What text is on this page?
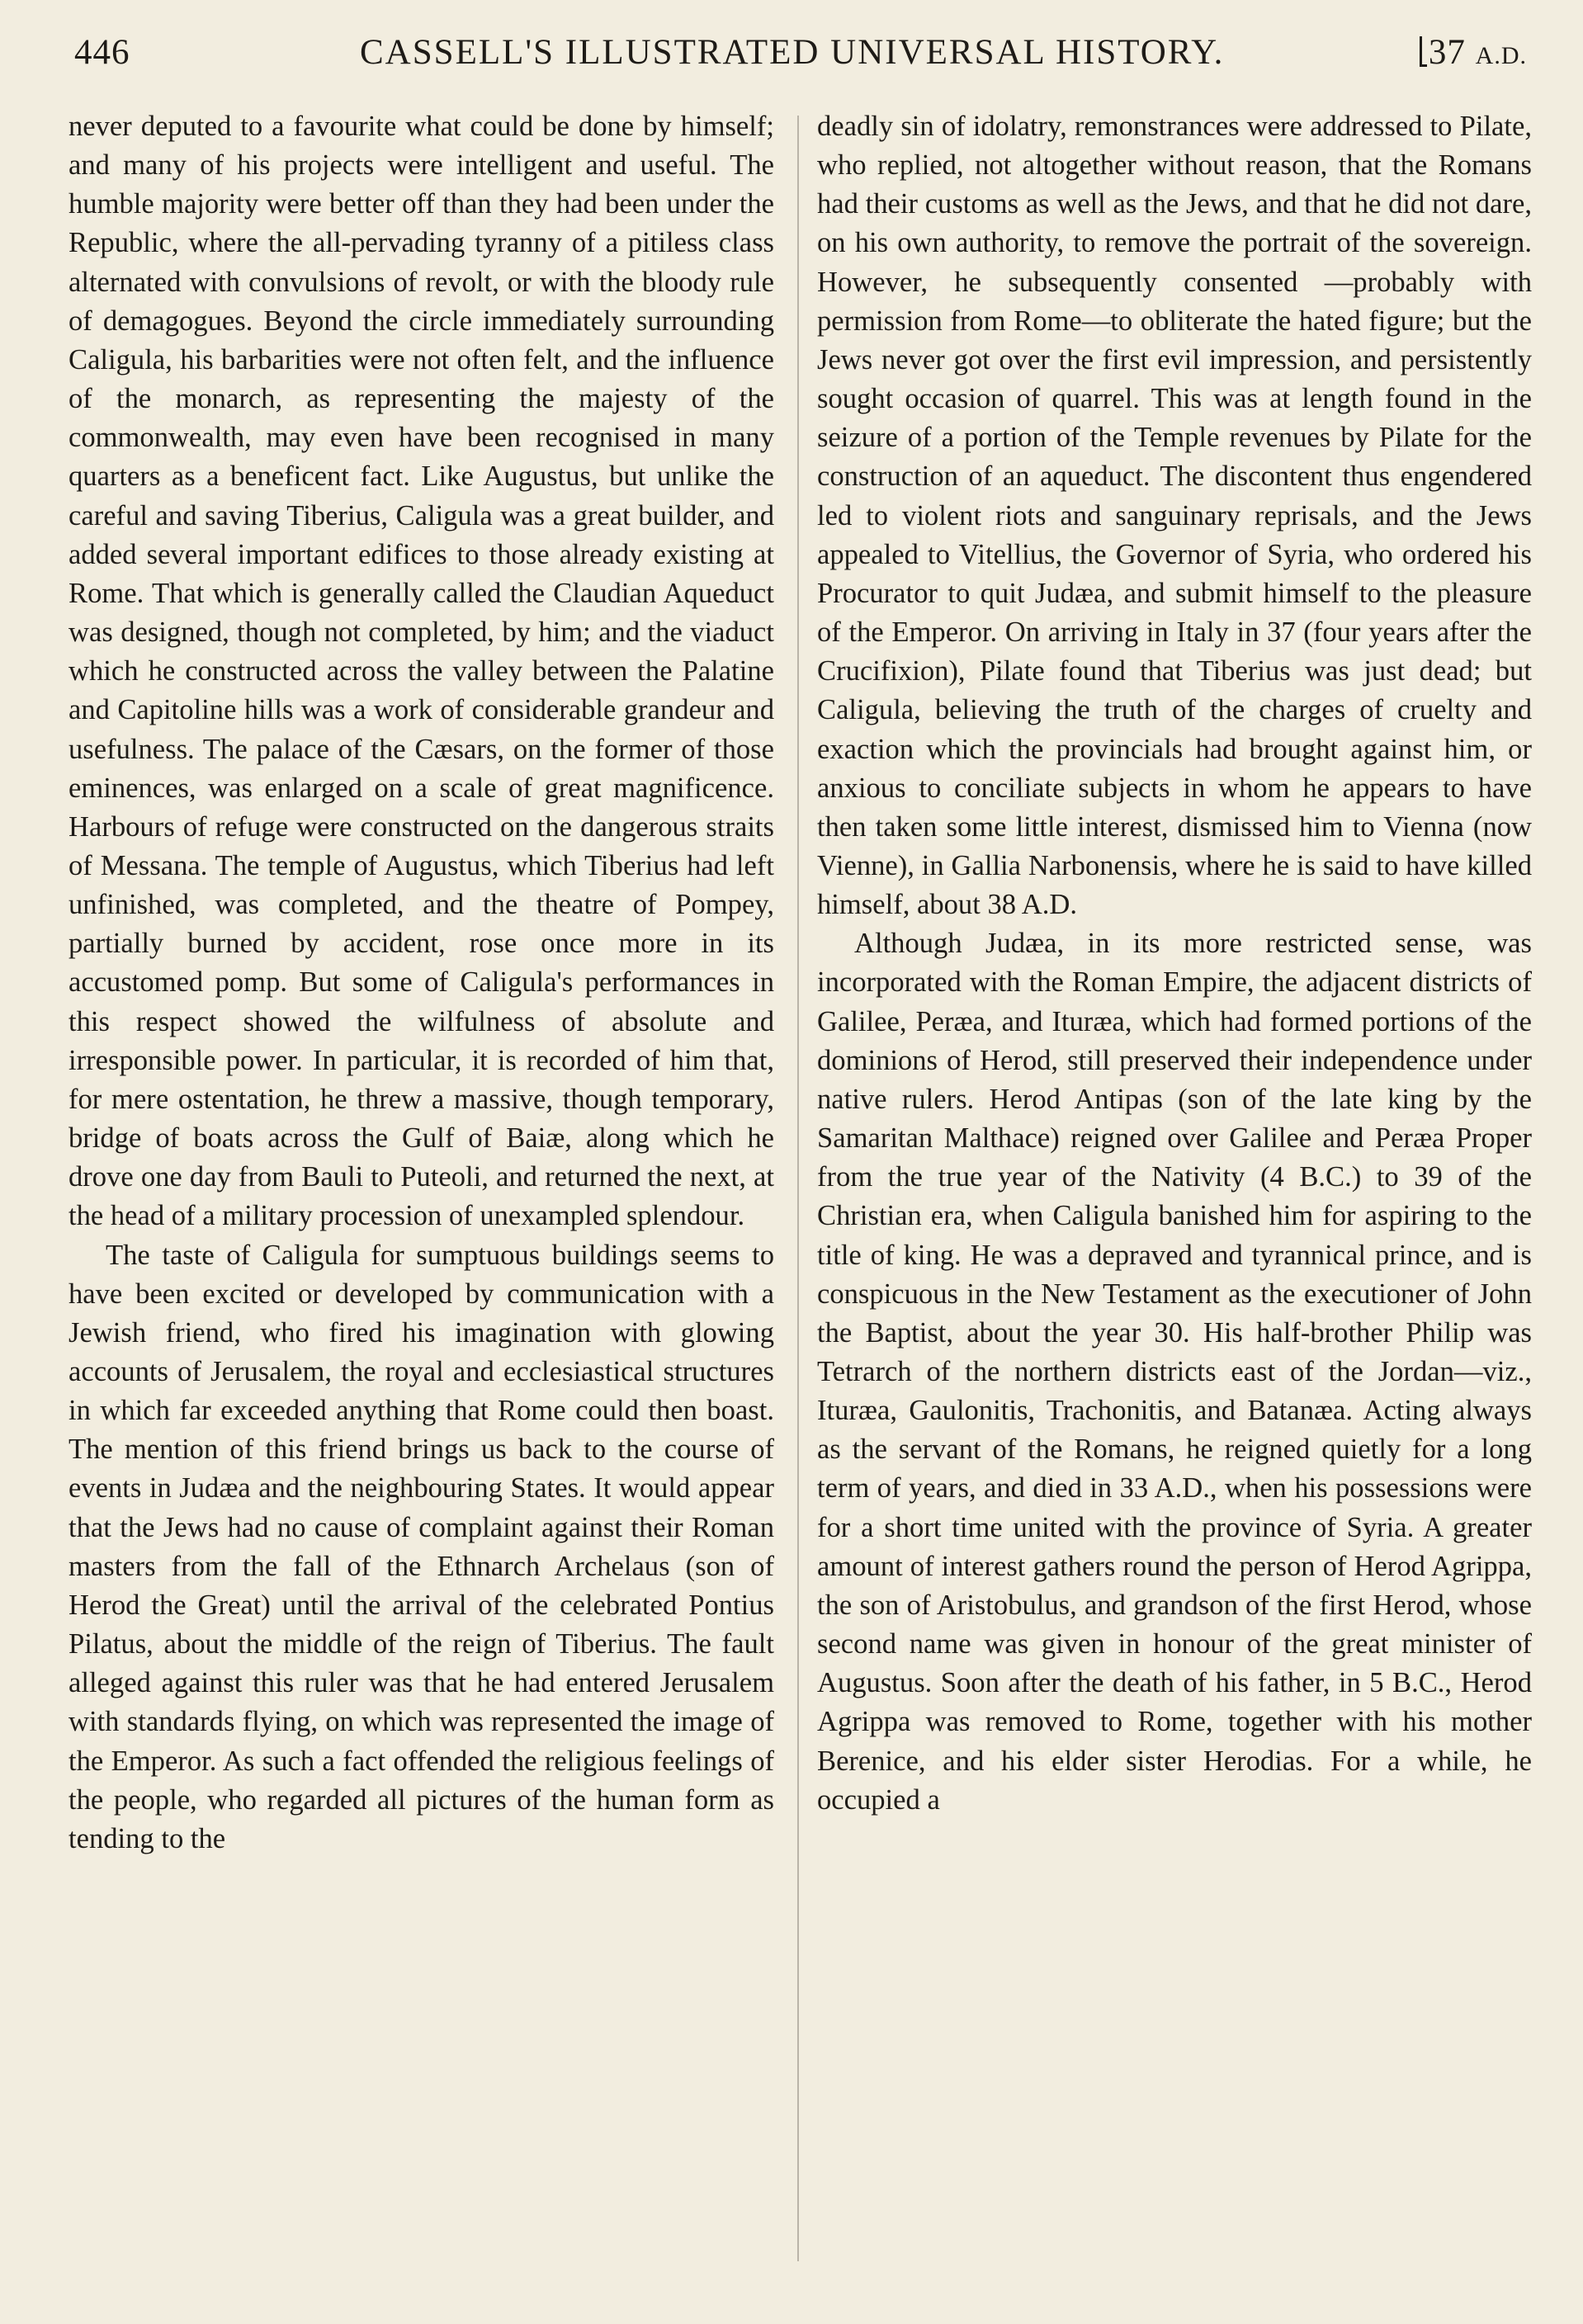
446	CASSELL'S ILLUSTRATED UNIVERSAL HISTORY.	37 A.D.

never deputed to a favourite what could be done by himself; and many of his projects were intelligent and useful. The humble majority were better off than they had been under the Republic, where the all-pervading tyranny of a pitiless class alternated with convulsions of revolt, or with the bloody rule of demagogues. Beyond the circle immediately surrounding Caligula, his barbarities were not often felt, and the influence of the monarch, as representing the majesty of the commonwealth, may even have been recognised in many quarters as a beneficent fact. Like Augustus, but unlike the careful and saving Tiberius, Caligula was a great builder, and added several important edifices to those already existing at Rome. That which is generally called the Claudian Aqueduct was designed, though not completed, by him; and the viaduct which he constructed across the valley between the Palatine and Capitoline hills was a work of considerable grandeur and usefulness. The palace of the Cæsars, on the former of those eminences, was enlarged on a scale of great magnificence. Harbours of refuge were constructed on the dangerous straits of Messana. The temple of Augustus, which Tiberius had left unfinished, was completed, and the theatre of Pompey, partially burned by accident, rose once more in its accustomed pomp. But some of Caligula's performances in this respect showed the wilfulness of absolute and irresponsible power. In particular, it is recorded of him that, for mere ostentation, he threw a massive, though temporary, bridge of boats across the Gulf of Baiæ, along which he drove one day from Bauli to Puteoli, and returned the next, at the head of a military procession of unexampled splendour.

The taste of Caligula for sumptuous buildings seems to have been excited or developed by communication with a Jewish friend, who fired his imagination with glowing accounts of Jerusalem, the royal and ecclesiastical structures in which far exceeded anything that Rome could then boast. The mention of this friend brings us back to the course of events in Judæa and the neighbouring States. It would appear that the Jews had no cause of complaint against their Roman masters from the fall of the Ethnarch Archelaus (son of Herod the Great) until the arrival of the celebrated Pontius Pilatus, about the middle of the reign of Tiberius. The fault alleged against this ruler was that he had entered Jerusalem with standards flying, on which was represented the image of the Emperor. As such a fact offended the religious feelings of the people, who regarded all pictures of the human form as tending to the

deadly sin of idolatry, remonstrances were addressed to Pilate, who replied, not altogether without reason, that the Romans had their customs as well as the Jews, and that he did not dare, on his own authority, to remove the portrait of the sovereign. However, he subsequently consented —probably with permission from Rome—to obliterate the hated figure; but the Jews never got over the first evil impression, and persistently sought occasion of quarrel. This was at length found in the seizure of a portion of the Temple revenues by Pilate for the construction of an aqueduct. The discontent thus engendered led to violent riots and sanguinary reprisals, and the Jews appealed to Vitellius, the Governor of Syria, who ordered his Procurator to quit Judæa, and submit himself to the pleasure of the Emperor. On arriving in Italy in 37 (four years after the Crucifixion), Pilate found that Tiberius was just dead; but Caligula, believing the truth of the charges of cruelty and exaction which the provincials had brought against him, or anxious to conciliate subjects in whom he appears to have then taken some little interest, dismissed him to Vienna (now Vienne), in Gallia Narbonensis, where he is said to have killed himself, about 38 A.D.

Although Judæa, in its more restricted sense, was incorporated with the Roman Empire, the adjacent districts of Galilee, Peræa, and Ituræa, which had formed portions of the dominions of Herod, still preserved their independence under native rulers. Herod Antipas (son of the late king by the Samaritan Malthace) reigned over Galilee and Peræa Proper from the true year of the Nativity (4 B.C.) to 39 of the Christian era, when Caligula banished him for aspiring to the title of king. He was a depraved and tyrannical prince, and is conspicuous in the New Testament as the executioner of John the Baptist, about the year 30. His half-brother Philip was Tetrarch of the northern districts east of the Jordan—viz., Ituræa, Gaulonitis, Trachonitis, and Batanæa. Acting always as the servant of the Romans, he reigned quietly for a long term of years, and died in 33 A.D., when his possessions were for a short time united with the province of Syria. A greater amount of interest gathers round the person of Herod Agrippa, the son of Aristobulus, and grandson of the first Herod, whose second name was given in honour of the great minister of Augustus. Soon after the death of his father, in 5 B.C., Herod Agrippa was removed to Rome, together with his mother Berenice, and his elder sister Herodias. For a while, he occupied a
